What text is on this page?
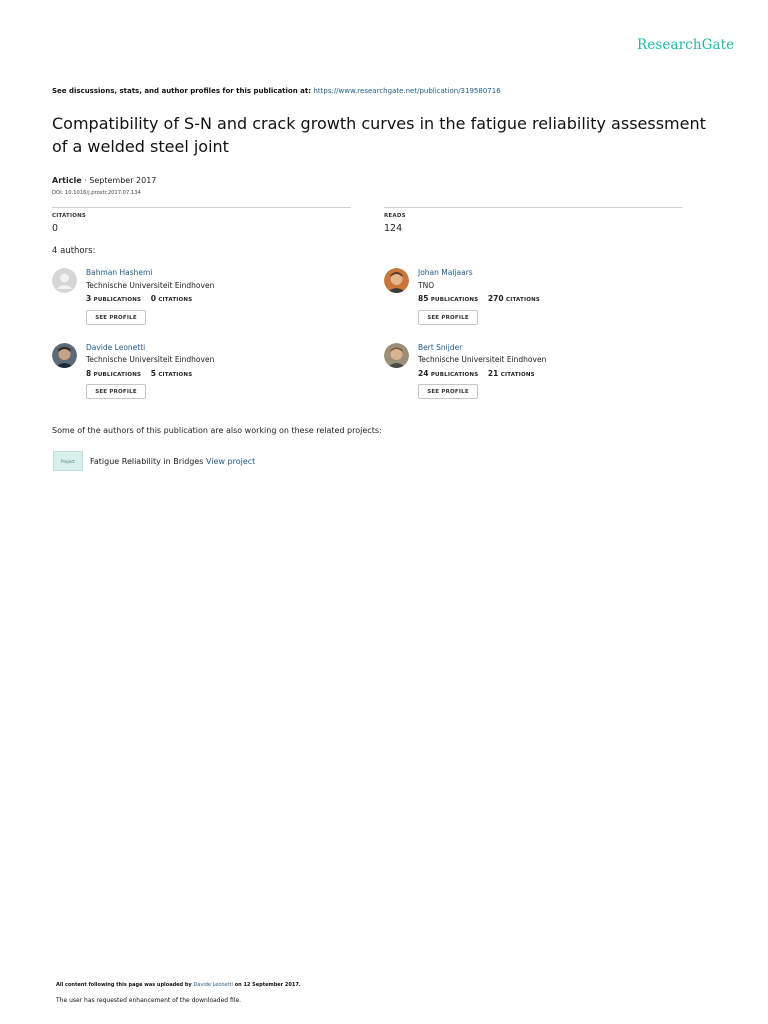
ResearchGate
See discussions, stats, and author profiles for this publication at: https://www.researchgate.net/publication/319580716
Compatibility of S-N and crack growth curves in the fatigue reliability assessment of a welded steel joint
Article · September 2017
DOI: 10.1016/j.prostr.2017.07.134
CITATIONS
0
READS
124
4 authors:
Bahman Hashemi
Technische Universiteit Eindhoven
3 PUBLICATIONS 0 CITATIONS
SEE PROFILE
Johan Maljaars
TNO
85 PUBLICATIONS 270 CITATIONS
SEE PROFILE
Davide Leonetti
Technische Universiteit Eindhoven
8 PUBLICATIONS 5 CITATIONS
SEE PROFILE
Bert Snijder
Technische Universiteit Eindhoven
24 PUBLICATIONS 21 CITATIONS
SEE PROFILE
Some of the authors of this publication are also working on these related projects:
Project	Fatigue Reliability in Bridges View project
All content following this page was uploaded by Davide Leonetti on 12 September 2017.
The user has requested enhancement of the downloaded file.
